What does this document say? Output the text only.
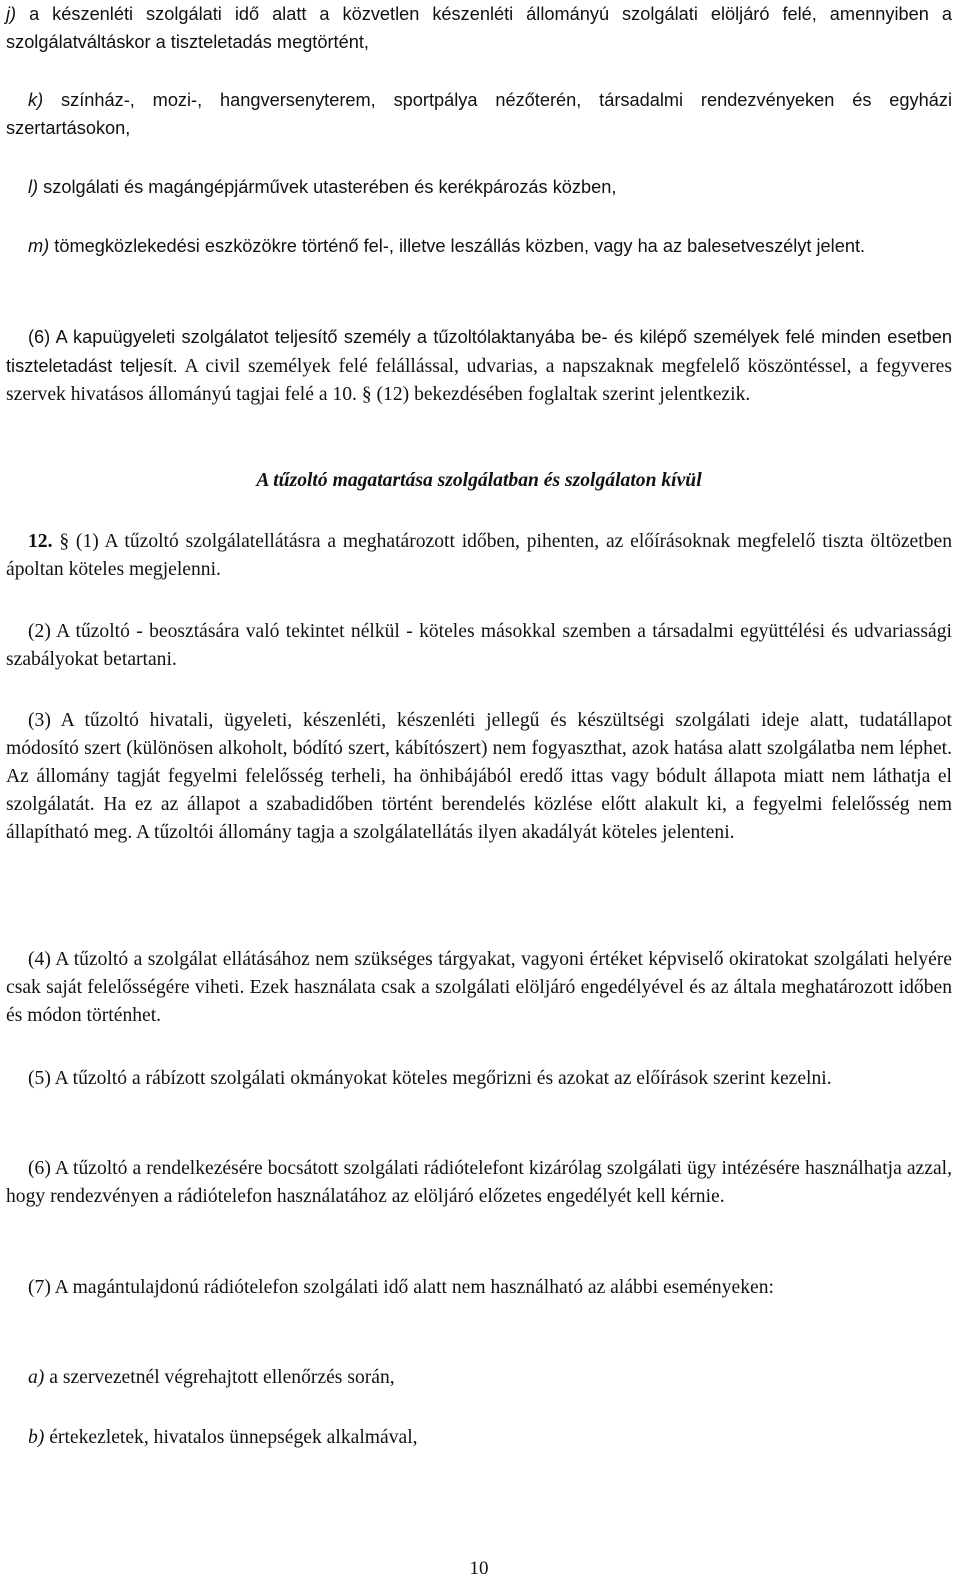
j) a készenléti szolgálati idő alatt a közvetlen készenléti állományú szolgálati elöljáró felé, amennyiben a szolgálatváltáskor a tiszteletadás megtörtént,
k) színház-, mozi-, hangversenyterem, sportpálya nézőterén, társadalmi rendezvényeken és egyházi szertartásokon,
l) szolgálati és magángépjárművek utasterében és kerékpározás közben,
m) tömegközlekedési eszközökre történő fel-, illetve leszállás közben, vagy ha az balesetveszélyt jelent.
(6) A kapuügyeleti szolgálatot teljesítő személy a tűzoltólaktanyába be- és kilépő személyek felé minden esetben tiszteletadást teljesít. A civil személyek felé felállással, udvarias, a napszaknak megfelelő köszöntéssel, a fegyveres szervek hivatásos állományú tagjai felé a 10. § (12) bekezdésében foglaltak szerint jelentkezik.
A tűzoltó magatartása szolgálatban és szolgálaton kívül
12. § (1) A tűzoltó szolgálatellátásra a meghatározott időben, pihenten, az előírásoknak megfelelő tiszta öltözetben ápoltan köteles megjelenni.
(2) A tűzoltó - beosztására való tekintet nélkül - köteles másokkal szemben a társadalmi együttélési és udvariassági szabályokat betartani.
(3) A tűzoltó hivatali, ügyeleti, készenléti, készenléti jellegű és készültségi szolgálati ideje alatt, tudatállapot módosító szert (különösen alkoholt, bódító szert, kábítószert) nem fogyaszthat, azok hatása alatt szolgálatba nem léphet. Az állomány tagját fegyelmi felelősség terheli, ha önhibájából eredő ittas vagy bódult állapota miatt nem láthatja el szolgálatát. Ha ez az állapot a szabadidőben történt berendelés közlése előtt alakult ki, a fegyelmi felelősség nem állapítható meg. A tűzoltói állomány tagja a szolgálatellátás ilyen akadályát köteles jelenteni.
(4) A tűzoltó a szolgálat ellátásához nem szükséges tárgyakat, vagyoni értéket képviselő okiratokat szolgálati helyére csak saját felelősségére viheti. Ezek használata csak a szolgálati elöljáró engedélyével és az általa meghatározott időben és módon történhet.
(5) A tűzoltó a rábízott szolgálati okmányokat köteles megőrizni és azokat az előírások szerint kezelni.
(6) A tűzoltó a rendelkezésére bocsátott szolgálati rádiótelefont kizárólag szolgálati ügy intézésére használhatja azzal, hogy rendezvényen a rádiótelefon használatához az elöljáró előzetes engedélyét kell kérnie.
(7) A magántulajdonú rádiótelefon szolgálati idő alatt nem használható az alábbi eseményeken:
a) a szervezetnél végrehajtott ellenőrzés során,
b) értekezletek, hivatalos ünnepségek alkalmával,
10
